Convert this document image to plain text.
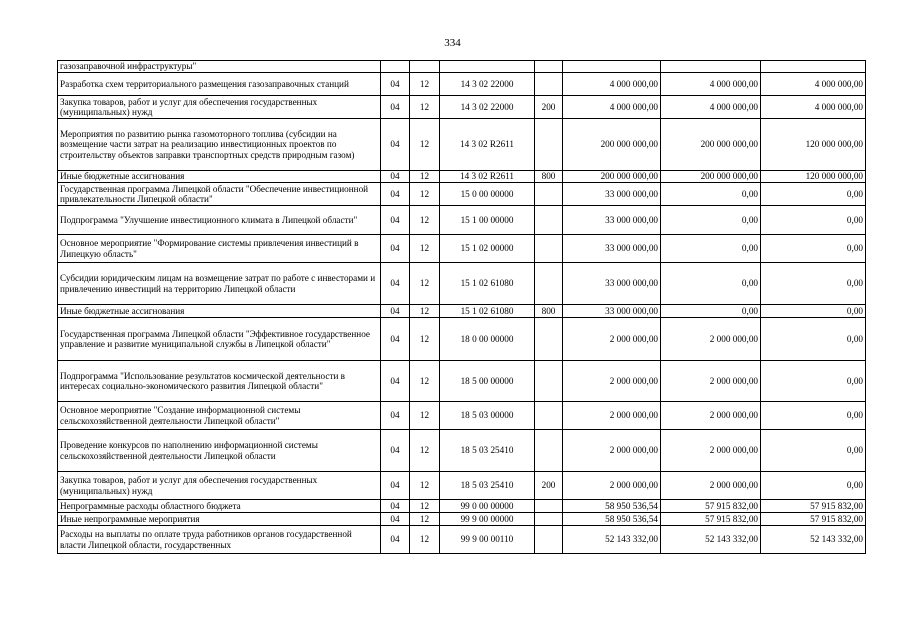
334
газозаправочной инфраструктуры"							
Разработка схем территориального размещения газозаправочных станций	04	12	14 3 02 22000		4 000 000,00	4 000 000,00	4 000 000,00
Закупка товаров, работ и услуг для обеспечения государственных (муниципальных) нужд	04	12	14 3 02 22000	200	4 000 000,00	4 000 000,00	4 000 000,00
Мероприятия по развитию рынка газомоторного топлива (субсидии на возмещение части затрат на реализацию инвестиционных проектов по строительству объектов заправки транспортных средств природным газом)	04	12	14 3 02 R2611		200 000 000,00	200 000 000,00	120 000 000,00
Иные бюджетные ассигнования	04	12	14 3 02 R2611	800	200 000 000,00	200 000 000,00	120 000 000,00
Государственная программа Липецкой области "Обеспечение инвестиционной привлекательности Липецкой области"	04	12	15 0 00 00000		33 000 000,00	0,00	0,00
Подпрограмма "Улучшение инвестиционного климата в Липецкой области"	04	12	15 1 00 00000		33 000 000,00	0,00	0,00
Основное мероприятие "Формирование системы привлечения инвестиций в Липецкую область"	04	12	15 1 02 00000		33 000 000,00	0,00	0,00
Субсидии юридическим лицам на возмещение затрат по работе с инвесторами и привлечению инвестиций на территорию Липецкой области	04	12	15 1 02 61080		33 000 000,00	0,00	0,00
Иные бюджетные ассигнования	04	12	15 1 02 61080	800	33 000 000,00	0,00	0,00
Государственная программа Липецкой области "Эффективное государственное управление и развитие муниципальной службы в Липецкой области"	04	12	18 0 00 00000		2 000 000,00	2 000 000,00	0,00
Подпрограмма "Использование результатов космической деятельности в интересах социально-экономического развития Липецкой области"	04	12	18 5 00 00000		2 000 000,00	2 000 000,00	0,00
Основное мероприятие "Создание информационной системы сельскохозяйственной деятельности Липецкой области"	04	12	18 5 03 00000		2 000 000,00	2 000 000,00	0,00
Проведение конкурсов по наполнению информационной системы сельскохозяйственной деятельности Липецкой области	04	12	18 5 03 25410		2 000 000,00	2 000 000,00	0,00
Закупка товаров, работ и услуг для обеспечения государственных (муниципальных) нужд	04	12	18 5 03 25410	200	2 000 000,00	2 000 000,00	0,00
Непрограммные расходы областного бюджета	04	12	99 0 00 00000		58 950 536,54	57 915 832,00	57 915 832,00
Иные непрограммные мероприятия	04	12	99 9 00 00000		58 950 536,54	57 915 832,00	57 915 832,00
Расходы на выплаты по оплате труда работников органов государственной власти Липецкой области, государственных	04	12	99 9 00 00110		52 143 332,00	52 143 332,00	52 143 332,00
